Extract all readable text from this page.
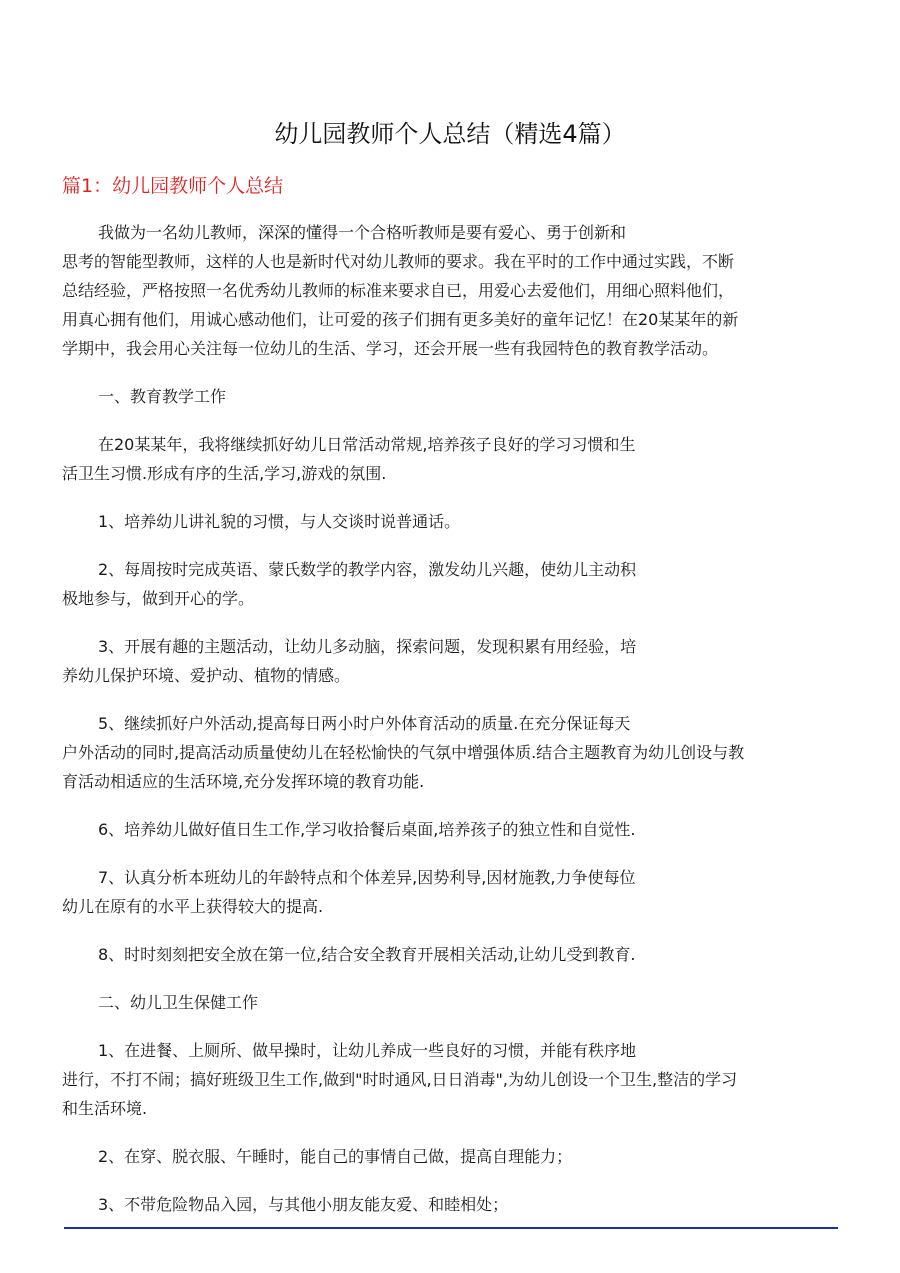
幼儿园教师个人总结（精选4篇）
篇1：幼儿园教师个人总结
我做为一名幼儿教师，深深的懂得一个合格听教师是要有爱心、勇于创新和
思考的智能型教师，这样的人也是新时代对幼儿教师的要求。我在平时的工作中通过实践，不断
总结经验，严格按照一名优秀幼儿教师的标准来要求自已，用爱心去爱他们，用细心照料他们，
用真心拥有他们，用诚心感动他们，让可爱的孩子们拥有更多美好的童年记忆！在20某某年的新
学期中，我会用心关注每一位幼儿的生活、学习，还会开展一些有我园特色的教育教学活动。
一、教育教学工作
在20某某年，我将继续抓好幼儿日常活动常规,培养孩子良好的学习习惯和生
活卫生习惯.形成有序的生活,学习,游戏的氛围.
1、培养幼儿讲礼貌的习惯，与人交谈时说普通话。
2、每周按时完成英语、蒙氏数学的教学内容，激发幼儿兴趣，使幼儿主动积
极地参与，做到开心的学。
3、开展有趣的主题活动，让幼儿多动脑，探索问题，发现积累有用经验，培
养幼儿保护环境、爱护动、植物的情感。
5、继续抓好户外活动,提高每日两小时户外体育活动的质量.在充分保证每天
户外活动的同时,提高活动质量使幼儿在轻松愉快的气氛中增强体质.结合主题教育为幼儿创设与教
育活动相适应的生活环境,充分发挥环境的教育功能.
6、培养幼儿做好值日生工作,学习收拾餐后桌面,培养孩子的独立性和自觉性.
7、认真分析本班幼儿的年龄特点和个体差异,因势利导,因材施教,力争使每位
幼儿在原有的水平上获得较大的提高.
8、时时刻刻把安全放在第一位,结合安全教育开展相关活动,让幼儿受到教育.
二、幼儿卫生保健工作
1、在进餐、上厕所、做早操时，让幼儿养成一些良好的习惯，并能有秩序地
进行，不打不闹；搞好班级卫生工作,做到"时时通风,日日消毒",为幼儿创设一个卫生,整洁的学习
和生活环境.
2、在穿、脱衣服、午睡时，能自己的事情自己做，提高自理能力；
3、不带危险物品入园，与其他小朋友能友爱、和睦相处；
